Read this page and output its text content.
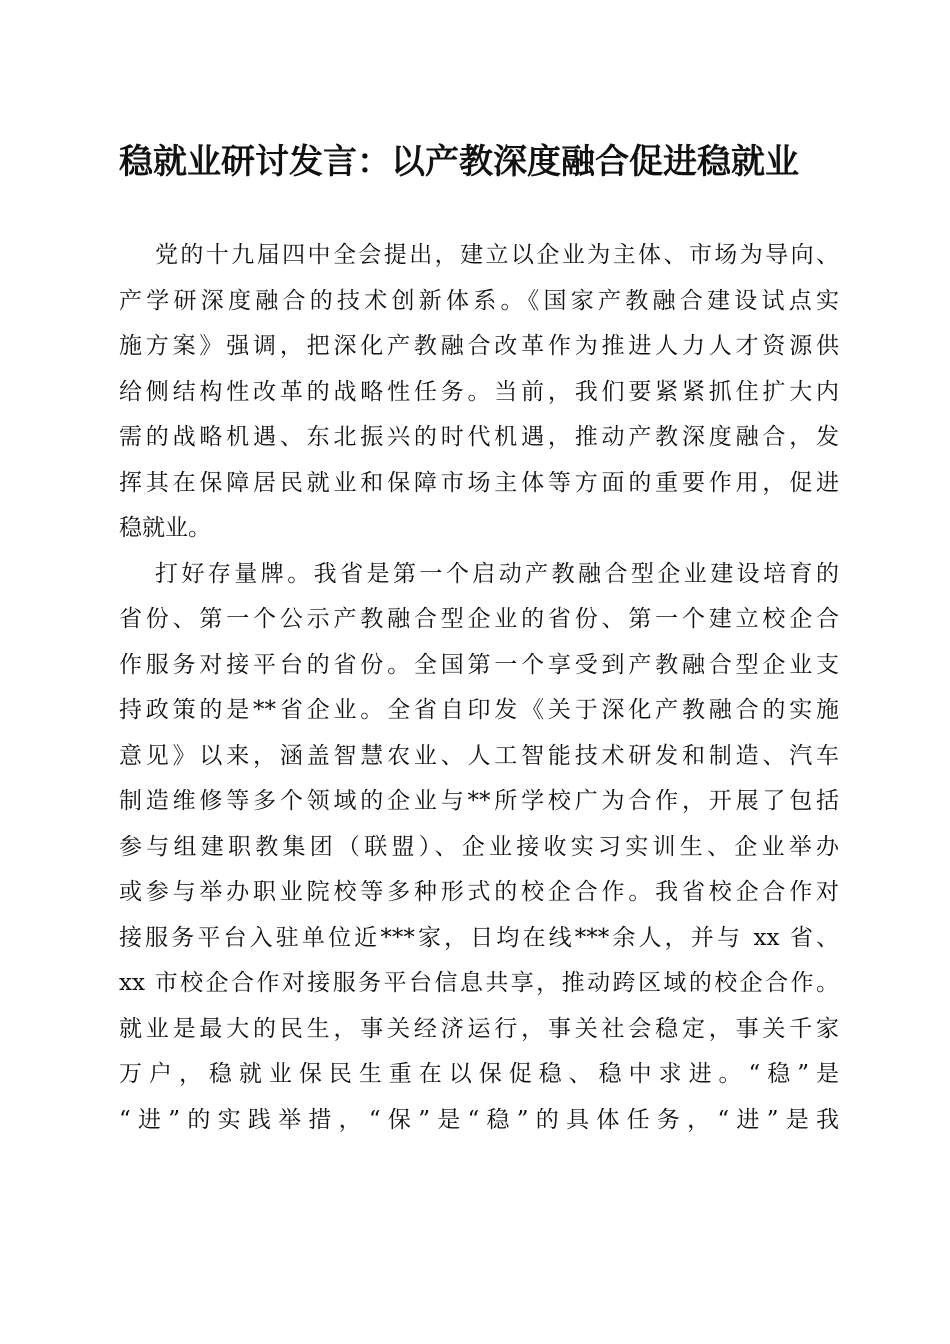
稳就业研讨发言：以产教深度融合促进稳就业
党的十九届四中全会提出，建立以企业为主体、市场为导向、
产学研深度融合的技术创新体系。《国家产教融合建设试点实
施方案》强调，把深化产教融合改革作为推进人力人才资源供
给侧结构性改革的战略性任务。当前，我们要紧紧抓住扩大内
需的战略机遇、东北振兴的时代机遇，推动产教深度融合，发
挥其在保障居民就业和保障市场主体等方面的重要作用，促进
稳就业。
打好存量牌。我省是第一个启动产教融合型企业建设培育的
省份、第一个公示产教融合型企业的省份、第一个建立校企合
作服务对接平台的省份。全国第一个享受到产教融合型企业支
持政策的是**省企业。全省自印发《关于深化产教融合的实施
意见》以来，涵盖智慧农业、人工智能技术研发和制造、汽车
制造维修等多个领域的企业与**所学校广为合作，开展了包括
参与组建职教集团（联盟）、企业接收实习实训生、企业举办
或参与举办职业院校等多种形式的校企合作。我省校企合作对
接服务平台入驻单位近***家，日均在线***余人，并与 xx 省、
xx 市校企合作对接服务平台信息共享，推动跨区域的校企合作。
就业是最大的民生，事关经济运行，事关社会稳定，事关千家
万户，稳就业保民生重在以保促稳、稳中求进。“稳”是
“进”的实践举措，“保”是“稳”的具体任务，“进”是我
